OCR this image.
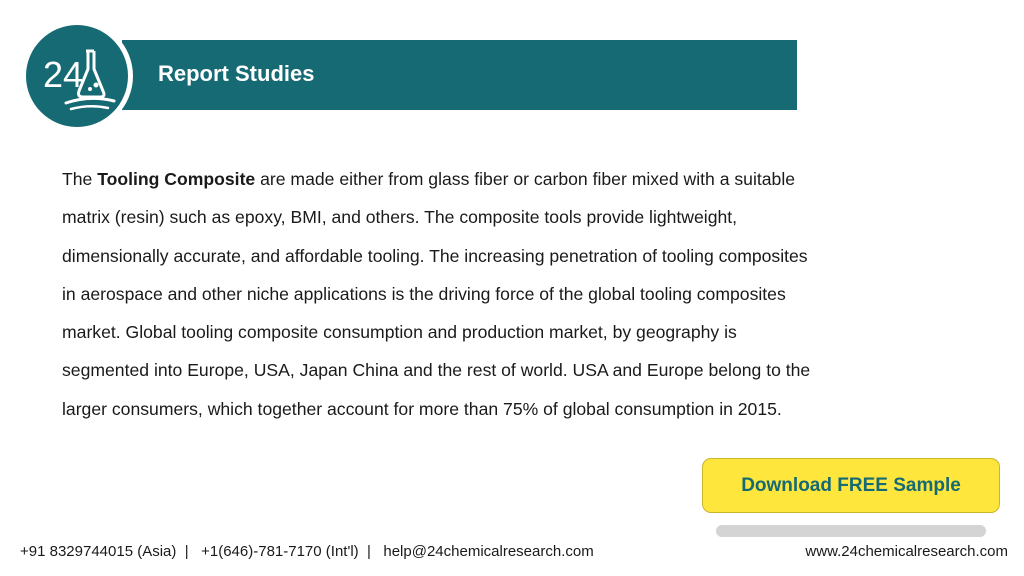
Report Studies
24
The Tooling Composite are made either from glass fiber or carbon fiber mixed with a suitable matrix (resin) such as epoxy, BMI, and others. The composite tools provide lightweight, dimensionally accurate, and affordable tooling. The increasing penetration of tooling composites in aerospace and other niche applications is the driving force of the global tooling composites market. Global tooling composite consumption and production market, by geography is segmented into Europe, USA, Japan China and the rest of world. USA and Europe belong to the larger consumers, which together account for more than 75% of global consumption in 2015.
Download FREE Sample
+91 8329744015 (Asia)  |   +1(646)-781-7170 (Int'l)  |   help@24chemicalresearch.com	www.24chemicalresearch.com
